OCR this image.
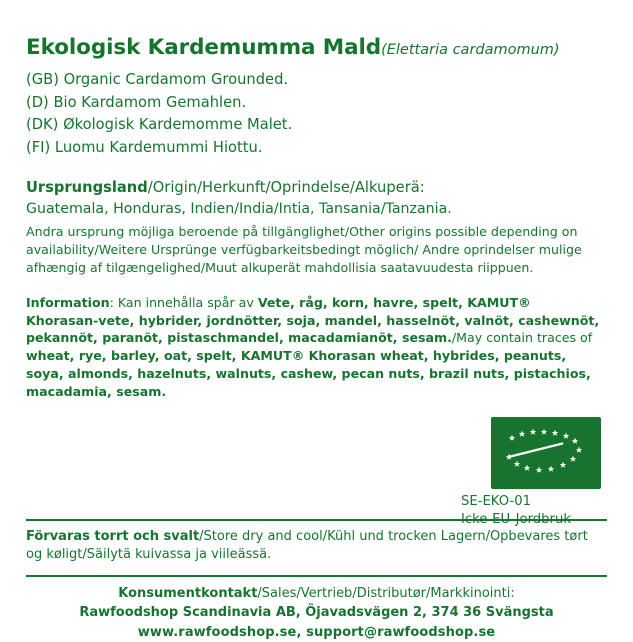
Ekologisk Kardemumma Mald(Elettaria cardamomum)
(GB) Organic Cardamom Grounded.
(D) Bio Kardamom Gemahlen.
(DK) Økologisk Kardemomme Malet.
(FI) Luomu Kardemummi Hiottu.
Ursprungsland/Origin/Herkunft/Oprindelse/Alkuperä:
Guatemala, Honduras, Indien/India/Intia, Tansania/Tanzania.
Andra ursprung möjliga beroende på tillgänglighet/Other origins possible depending on availability/Weitere Ursprünge verfügbarkeitsbedingt möglich/ Andre oprindelser mulige afhængig af tilgængelighed/Muut alkuperät mahdollisia saatavuudesta riippuen.
Information: Kan innehålla spår av Vete, råg, korn, havre, spelt, KAMUT® Khorasan-vete, hybrider, jordnötter, soja, mandel, hasselnöt, valnöt, cashewnöt, pekannöt, paranöt, pistaschmandel, macadamianöt, sesam./May contain traces of wheat, rye, barley, oat, spelt, KAMUT® Khorasan wheat, hybrides, peanuts, soya, almonds, hazelnuts, walnuts, cashew, pecan nuts, brazil nuts, pistachios, macadamia, sesam.
SE-EKO-01
Icke-EU-Jordbruk
Förvaras torrt och svalt/Store dry and cool/Kühl und trocken Lagern/Opbevares tørt og køligt/Säilytä kuivassa ja viileässä.
Konsumentkontakt/Sales/Vertrieb/Distributør/Markkinointi:
Rawfoodshop Scandinavia AB, Öjavadsvägen 2, 374 36 Svängsta
www.rawfoodshop.se, support@rawfoodshop.se
